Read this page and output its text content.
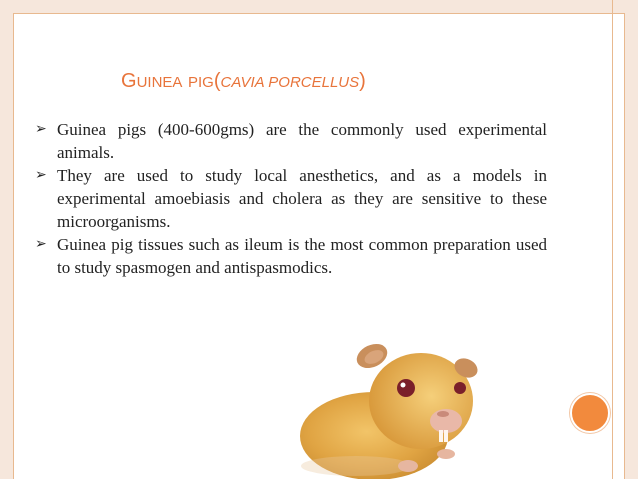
GUINEA PIG(CAVIA PORCELLUS)
➢ Guinea pigs (400-600gms) are the commonly used experimental animals.
➢ They are used to study local anesthetics, and as a models in experimental amoebiasis and cholera as they are sensitive to these microorganisms.
➢ Guinea pig tissues such as ileum is the most common preparation used to study spasmogen and antispasmodics.
